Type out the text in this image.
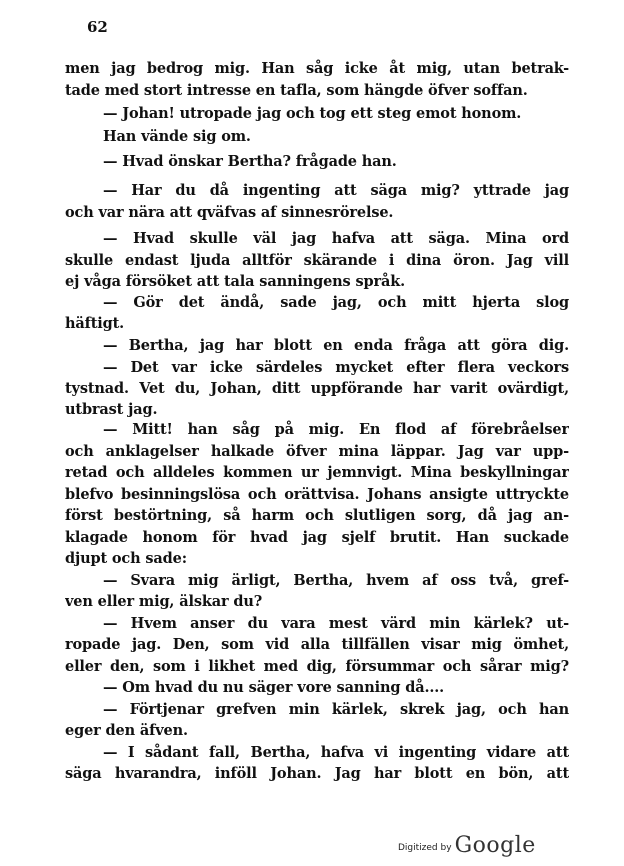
62
men jag bedrog mig. Han såg icke åt mig, utan betrak-
tade med stort intresse en tafla, som hängde öfver soffan.
— Johan! utropade jag och tog ett steg emot honom.
Han vände sig om.
— Hvad önskar Bertha? frågade han.
— Har du då ingenting att säga mig? yttrade jag
och var nära att qväfvas af sinnesrörelse.
— Hvad skulle väl jag hafva att säga. Mina ord
skulle endast ljuda alltför skärande i dina öron. Jag vill
ej våga försöket att tala sanningens språk.
— Gör det ändå, sade jag, och mitt hjerta slog
häftigt.
— Bertha, jag har blott en enda fråga att göra dig.
— Det var icke särdeles mycket efter flera veckors
tystnad. Vet du, Johan, ditt uppförande har varit ovärdigt,
utbrast jag.
— Mitt! han såg på mig. En flod af förebråelser
och anklagelser halkade öfver mina läppar. Jag var upp-
retad och alldeles kommen ur jemnvigt. Mina beskyllningar
blefvo besinningslösa och orättvisa. Johans ansigte uttryckte
först bestörtning, så harm och slutligen sorg, då jag an-
klagade honom för hvad jag sjelf brutit. Han suckade
djupt och sade:
— Svara mig ärligt, Bertha, hvem af oss två, gref-
ven eller mig, älskar du?
— Hvem anser du vara mest värd min kärlek? ut-
ropade jag. Den, som vid alla tillfällen visar mig ömhet,
eller den, som i likhet med dig, försummar och sårar mig?
— Om hvad du nu säger vore sanning då....
— Förtjenar grefven min kärlek, skrek jag, och han
eger den äfven.
— I sådant fall, Bertha, hafva vi ingenting vidare att
säga hvarandra, inföll Johan. Jag har blott en bön, att
Digitized by Google
